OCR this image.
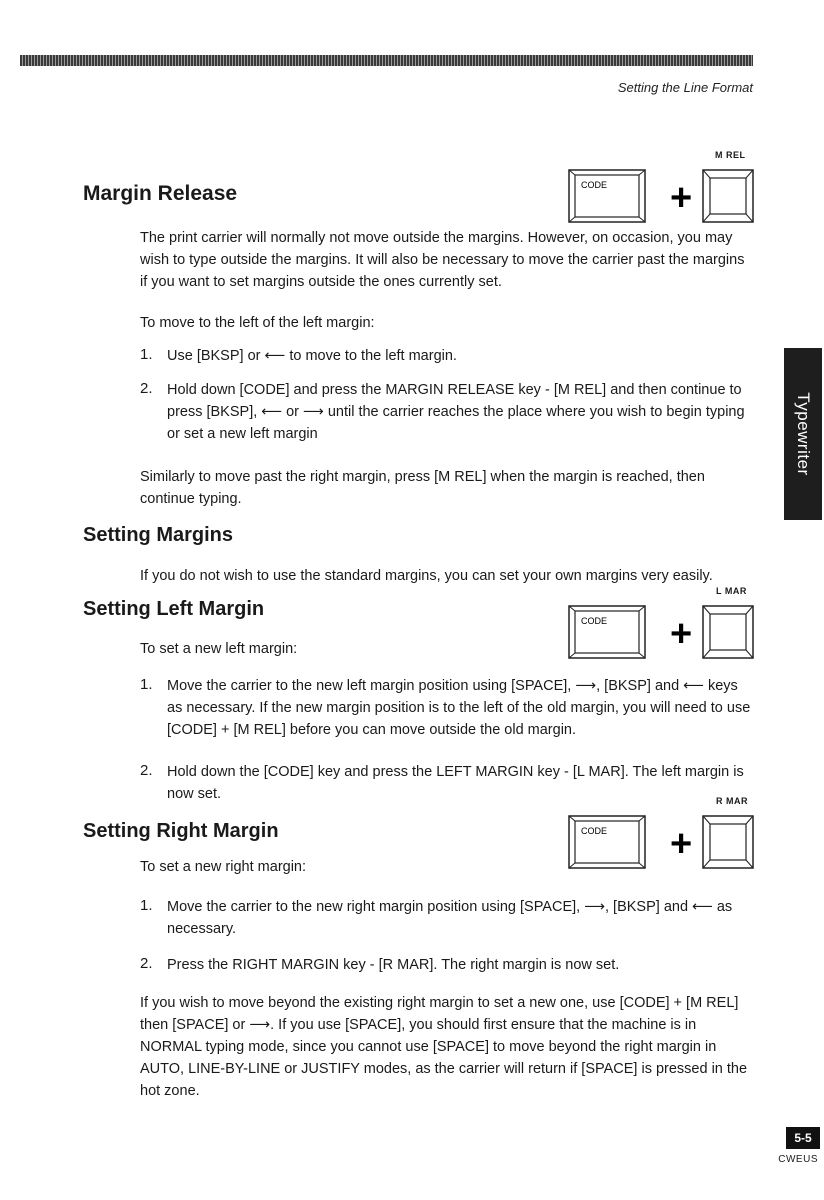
Setting the Line Format
M REL
Margin Release	CODE +
The print carrier will normally not move outside the margins. However, on occasion, you may wish to type outside the margins. It will also be necessary to move the carrier past the margins if you want to set margins outside the ones currently set.
To move to the left of the left margin:
1. Use [BKSP] or ⟵ to move to the left margin.
2. Hold down [CODE] and press the MARGIN RELEASE key - [M REL] and then continue to press [BKSP], ⟵ or ⟶ until the carrier reaches the place where you wish to begin typing or set a new left margin
Similarly to move past the right margin, press [M REL] when the margin is reached, then continue typing.
Setting Margins
If you do not wish to use the standard margins, you can set your own margins very easily.
L MAR
Setting Left Margin
CODE +
To set a new left margin:
1. Move the carrier to the new left margin position using [SPACE], ⟶, [BKSP] and ⟵ keys as necessary. If the new margin position is to the left of the old margin, you will need to use [CODE] + [M REL] before you can move outside the old margin.
2. Hold down the [CODE] key and press the LEFT MARGIN key - [L MAR]. The left margin is now set.	R MAR
Setting Right Margin	CODE +
To set a new right margin:
1. Move the carrier to the new right margin position using [SPACE], ⟶, [BKSP] and ⟵ as necessary.
2. Press the RIGHT MARGIN key - [R MAR]. The right margin is now set.
If you wish to move beyond the existing right margin to set a new one, use [CODE] + [M REL] then [SPACE] or ⟶. If you use [SPACE], you should first ensure that the machine is in NORMAL typing mode, since you cannot use [SPACE] to move beyond the right margin in AUTO, LINE-BY-LINE or JUSTIFY modes, as the carrier will return if [SPACE] is pressed in the hot zone.
Typewriter
5-5
CWEUS
